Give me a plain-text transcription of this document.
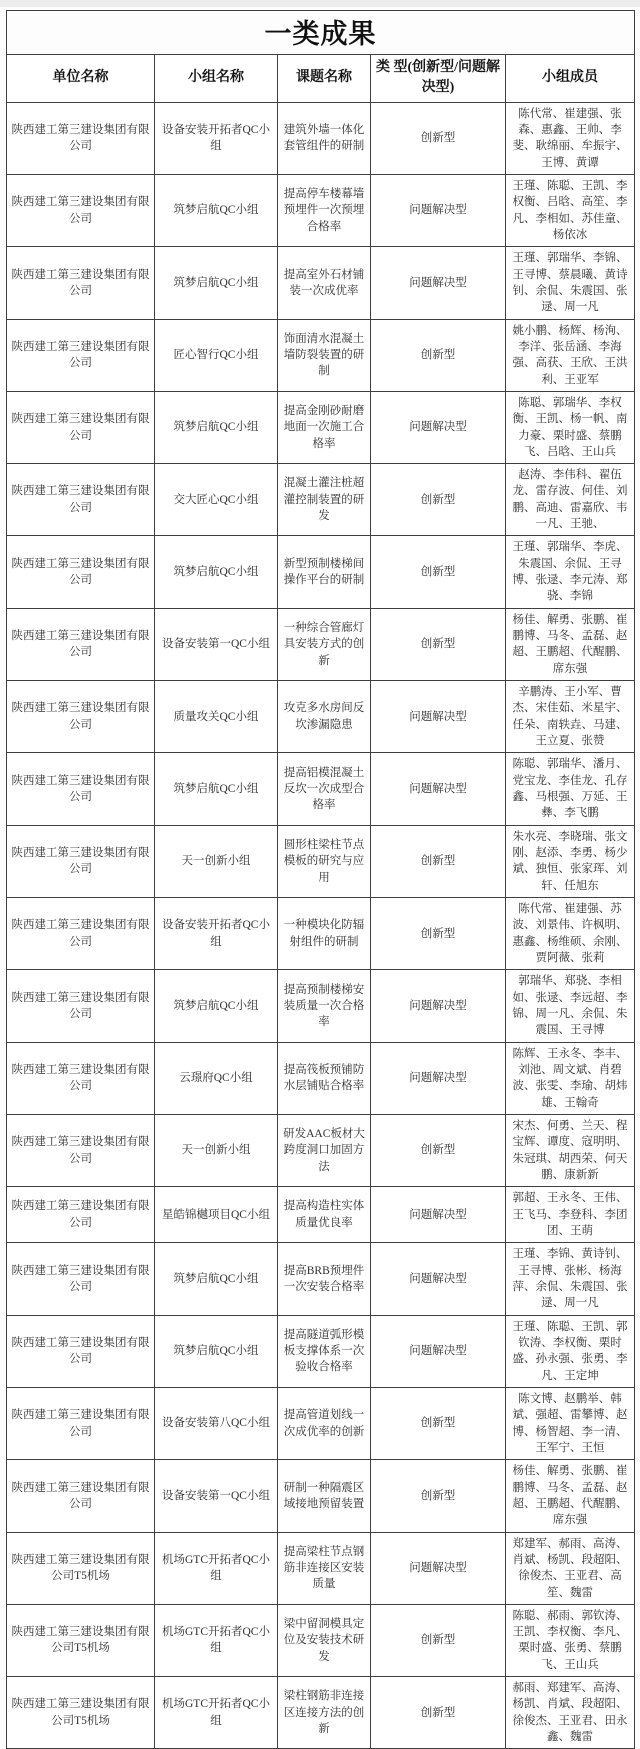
一类成果
单位名称	小组名称	课题名称	类 型(创新型/问题解决型)	小组成员
陕西建工第三建设集团有限公司	设备安装开拓者QC小组	建筑外墙一体化套管组件的研制	创新型	陈代常、崔建强、张森、惠鑫、王帅、李斐、耿绵丽、牟振宇、王博、黄谭
陕西建工第三建设集团有限公司	筑梦启航QC小组	提高停车楼幕墙预埋件一次预埋合格率	问题解决型	王瑾、陈聪、王凯、李权衡、吕晗、高笙、李凡、李相如、苏佳童、杨依冰
陕西建工第三建设集团有限公司	筑梦启航QC小组	提高室外石材铺装一次成优率	问题解决型	王瑾、郭瑞华、李锦、王寻博、蔡晨曦、黄诗钊、余侃、朱震国、张逯、周一凡
陕西建工第三建设集团有限公司	匠心智行QC小组	饰面清水混凝土墙防裂装置的研制	创新型	姚小鹏、杨辉、杨洵、李洋、张岳涵、李海强、高获、王欣、王洪利、王亚军
陕西建工第三建设集团有限公司	筑梦启航QC小组	提高金刚砂耐磨地面一次施工合格率	问题解决型	陈聪、郭瑞华、李权衡、王凯、杨一帆、南力豪、栗时盛、蔡鹏飞、吕晗、王山兵
陕西建工第三建设集团有限公司	交大匠心QC小组	混凝土灌注桩超灌控制装置的研发	创新型	赵涛、李伟科、翟伍龙、雷存波、何佳、刘鹏、高迪、雷嘉欣、韦一凡、王驰、
陕西建工第三建设集团有限公司	筑梦启航QC小组	新型预制楼梯间操作平台的研制	创新型	王瑾、郭瑞华、李虎、朱震国、余侃、王寻博、张逯、李元涛、郑骁、李锦
陕西建工第三建设集团有限公司	设备安装第一QC小组	一种综合管廊灯具安装方式的创新	创新型	杨佳、解勇、张鹏、崔鹏博、马冬、孟磊、赵超、王鹏超、代醒鹏、席东强
陕西建工第三建设集团有限公司	质量攻关QC小组	攻克多水房间反坎渗漏隐患	问题解决型	辛鹏涛、王小军、曹杰、宋佳茹、米星宇、任朵、南轶垚、马建、王立夏、张赞
陕西建工第三建设集团有限公司	筑梦启航QC小组	提高铝模混凝土反坎一次成型合格率	问题解决型	陈聪、郭瑞华、潘月、党宝龙、李佳龙、孔存鑫、马根强、万延、王彝、李飞鹏
陕西建工第三建设集团有限公司	天一创新小组	圆形柱梁柱节点模板的研究与应用	创新型	朱水亮、李晓瑞、张文刚、赵添、李勇、杨少斌、独恒、张家珲、刘轩、任旭东
陕西建工第三建设集团有限公司	设备安装开拓者QC小组	一种模块化防辐射组件的研制	创新型	陈代常、崔建强、苏波、刘景伟、许枫明、惠鑫、杨维硕、余刚、贾阿薇、张莉
陕西建工第三建设集团有限公司	筑梦启航QC小组	提高预制楼梯安装质量一次合格率	问题解决型	郭瑞华、郑骁、李相如、张逯、李远超、李锦、周一凡、余侃、朱震国、王寻博
陕西建工第三建设集团有限公司	云璟府QC小组	提高筏板预铺防水层铺贴合格率	问题解决型	陈辉、王永冬、李丰、刘池、周文斌、肖碧波、张雯、李瑜、胡炜雄、王翰奇
陕西建工第三建设集团有限公司	天一创新小组	研发AAC板材大跨度洞口加固方法	创新型	宋杰、何勇、兰天、程宝辉、谭度、寇明明、朱冠琪、胡西荣、何天鹏、康新新
陕西建工第三建设集团有限公司	星皓锦樾项目QC小组	提高构造柱实体质量优良率	问题解决型	郭超、王永冬、王伟、王飞马、李登科、李团团、王萌
陕西建工第三建设集团有限公司	筑梦启航QC小组	提高BRB预埋件一次安装合格率	问题解决型	王瑾、李锦、黄诗钊、王寻博、张彬、杨海萍、余侃、朱震国、张逯、周一凡
陕西建工第三建设集团有限公司	筑梦启航QC小组	提高隧道弧形模板支撑体系一次验收合格率	问题解决型	王瑾、陈聪、王凯、郭钦涛、李权衡、栗时盛、孙永强、张勇、李凡、王定坤
陕西建工第三建设集团有限公司	设备安装第八QC小组	提高管道划线一次成优率的创新	创新型	陈文博、赵鹏举、韩斌、强超、雷攀博、赵博、杨智超、李一清、王军宁、王恒
陕西建工第三建设集团有限公司	设备安装第一QC小组	研制一种隔震区域接地预留装置	创新型	杨佳、解勇、张鹏、崔鹏博、马冬、孟磊、赵超、王鹏超、代醒鹏、席东强
陕西建工第三建设集团有限公司T5机场	机场GTC开拓者QC小组	提高梁柱节点钢筋非连接区安装质量	问题解决型	郑建军、郝雨、高涛、肖斌、杨凯、段超阳、徐俊杰、王亚君、高笙、魏雷
陕西建工第三建设集团有限公司T5机场	机场GTC开拓者QC小组	梁中留洞模具定位及安装技术研发	创新型	陈聪、郝雨、郭钦涛、王凯、李权衡、李凡、栗时盛、张勇、蔡鹏飞、王山兵
陕西建工第三建设集团有限公司T5机场	机场GTC开拓者QC小组	梁柱钢筋非连接区连接方法的创新	创新型	郝雨、郑建军、高涛、杨凯、肖斌、段超阳、徐俊杰、王亚君、田永鑫、魏雷
